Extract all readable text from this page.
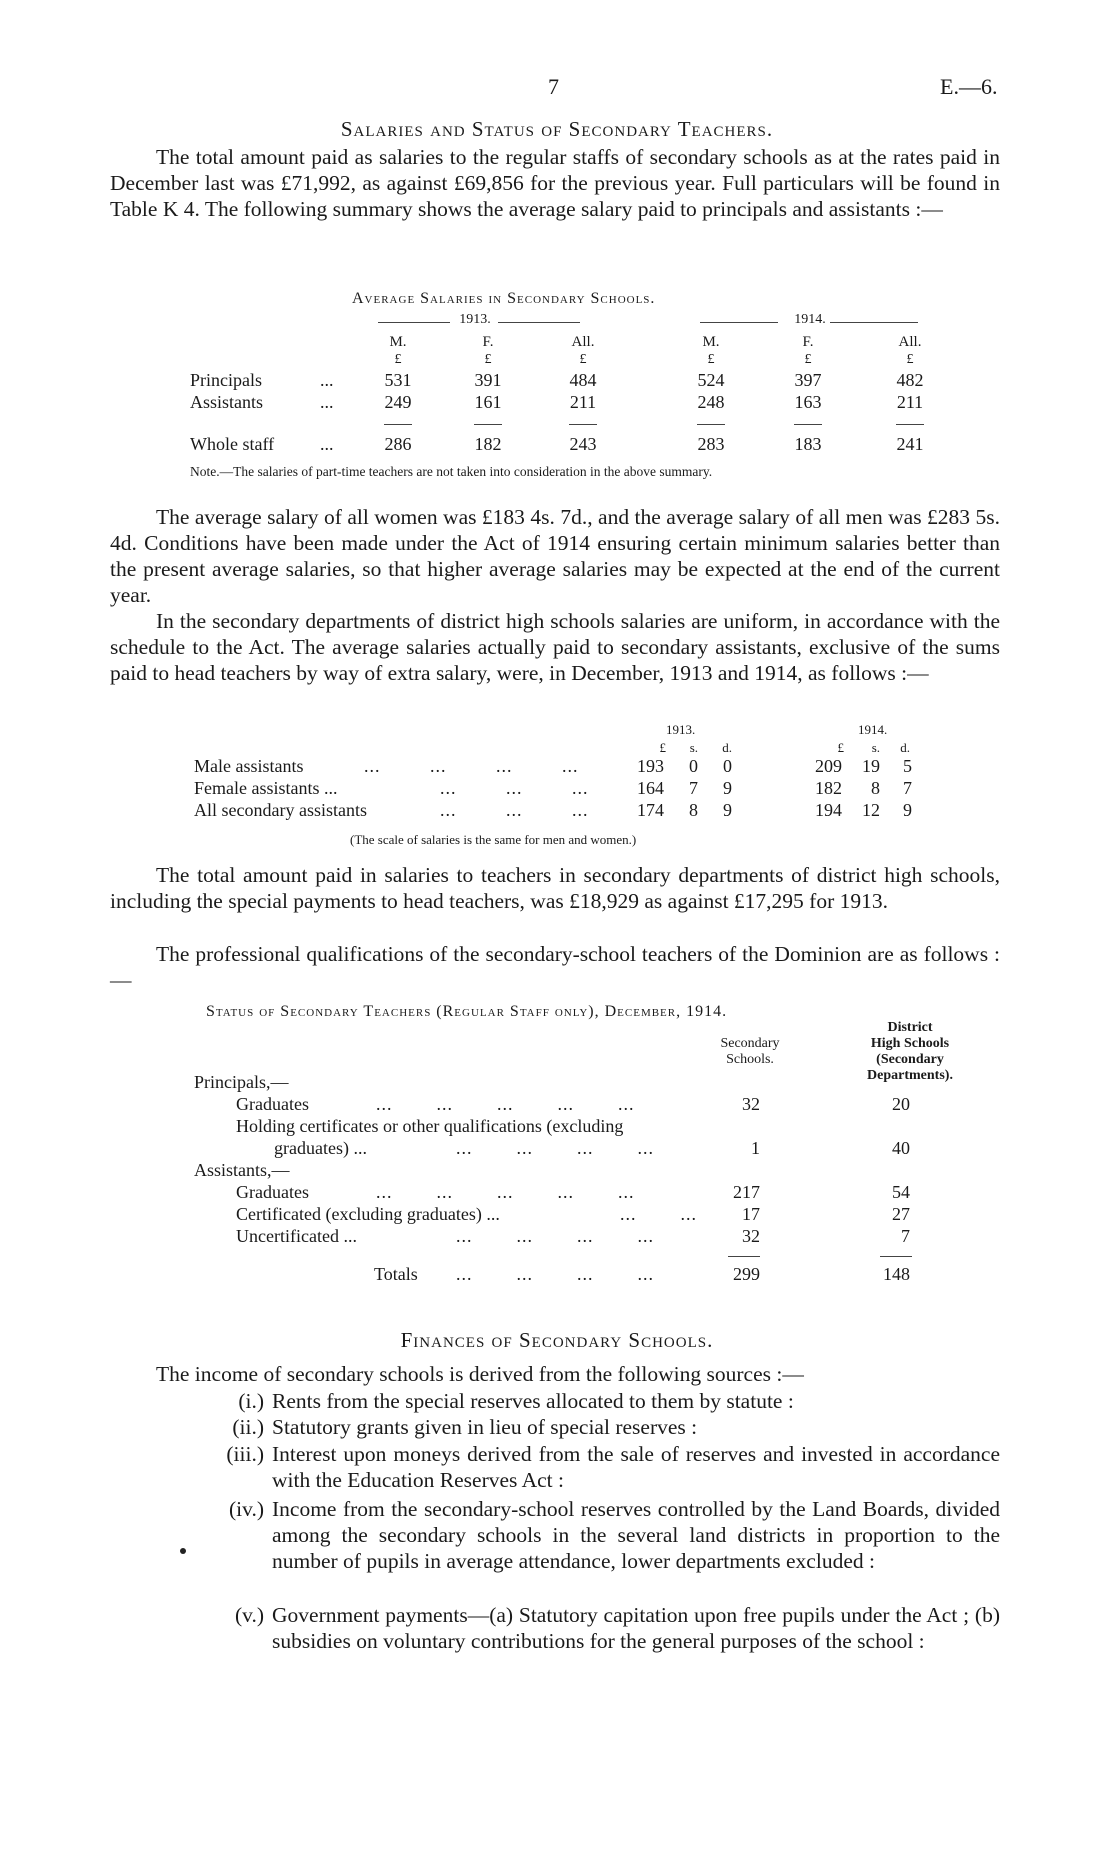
7	E.—6.
Salaries and Status of Secondary Teachers.
The total amount paid as salaries to the regular staffs of secondary schools as at the rates paid in December last was £71,992, as against £69,856 for the previous year. Full particulars will be found in Table K 4. The following summary shows the average salary paid to principals and assistants :—
Average Salaries in Secondary Schools.
1913.	1914.
M.	F.	All.	M.	F.	All.
£	£	£	£	£	£
Principals	...	531	391	484	524	397	482
Assistants	...	249	161	211	248	163	211
Whole staff	...	286	182	243	283	183	241
Note.—The salaries of part-time teachers are not taken into consideration in the above summary.
The average salary of all women was £183 4s. 7d., and the average salary of all men was £283 5s. 4d. Conditions have been made under the Act of 1914 ensuring certain minimum salaries better than the present average salaries, so that higher average salaries may be expected at the end of the current year.
In the secondary departments of district high schools salaries are uniform, in accordance with the schedule to the Act. The average salaries actually paid to secondary assistants, exclusive of the sums paid to head teachers by way of extra salary, were, in December, 1913 and 1914, as follows :—
1913.	1914.
£	s.	d.	£	s.	d.
Male assistants	...         ...         ...         ...	193	0	0	209	19	5
Female assistants ...	...         ...         ...	164	7	9	182	8	7
All secondary assistants	...         ...         ...	174	8	9	194	12	9
(The scale of salaries is the same for men and women.)
The total amount paid in salaries to teachers in secondary departments of district high schools, including the special payments to head teachers, was £18,929 as against £17,295 for 1913.
The professional qualifications of the secondary-school teachers of the Dominion are as follows :—
Status of Secondary Teachers (Regular Staff only), December, 1914.
Secondary
Schools.
District
High Schools
(Secondary
Departments).
Principals,—
Graduates	...        ...        ...        ...        ...	32	20
Holding certificates or other qualifications (excluding
graduates) ...	...        ...        ...        ...	1	40
Assistants,—
Graduates	...        ...        ...        ...        ...	217	54
Certificated (excluding graduates) ...	...        ...	17	27
Uncertificated ...	...        ...        ...        ...	32	7
Totals ...        ...        ...        ...	299	148
Finances of Secondary Schools.
The income of secondary schools is derived from the following sources :—
(i.) Rents from the special reserves allocated to them by statute :
(ii.) Statutory grants given in lieu of special reserves :
(iii.) Interest upon moneys derived from the sale of reserves and invested in accordance with the Education Reserves Act :
(iv.) Income from the secondary-school reserves controlled by the Land Boards, divided among the secondary schools in the several land districts in proportion to the number of pupils in average attendance, lower departments excluded :
(v.) Government payments—(a) Statutory capitation upon free pupils under the Act ; (b) subsidies on voluntary contributions for the general purposes of the school :
